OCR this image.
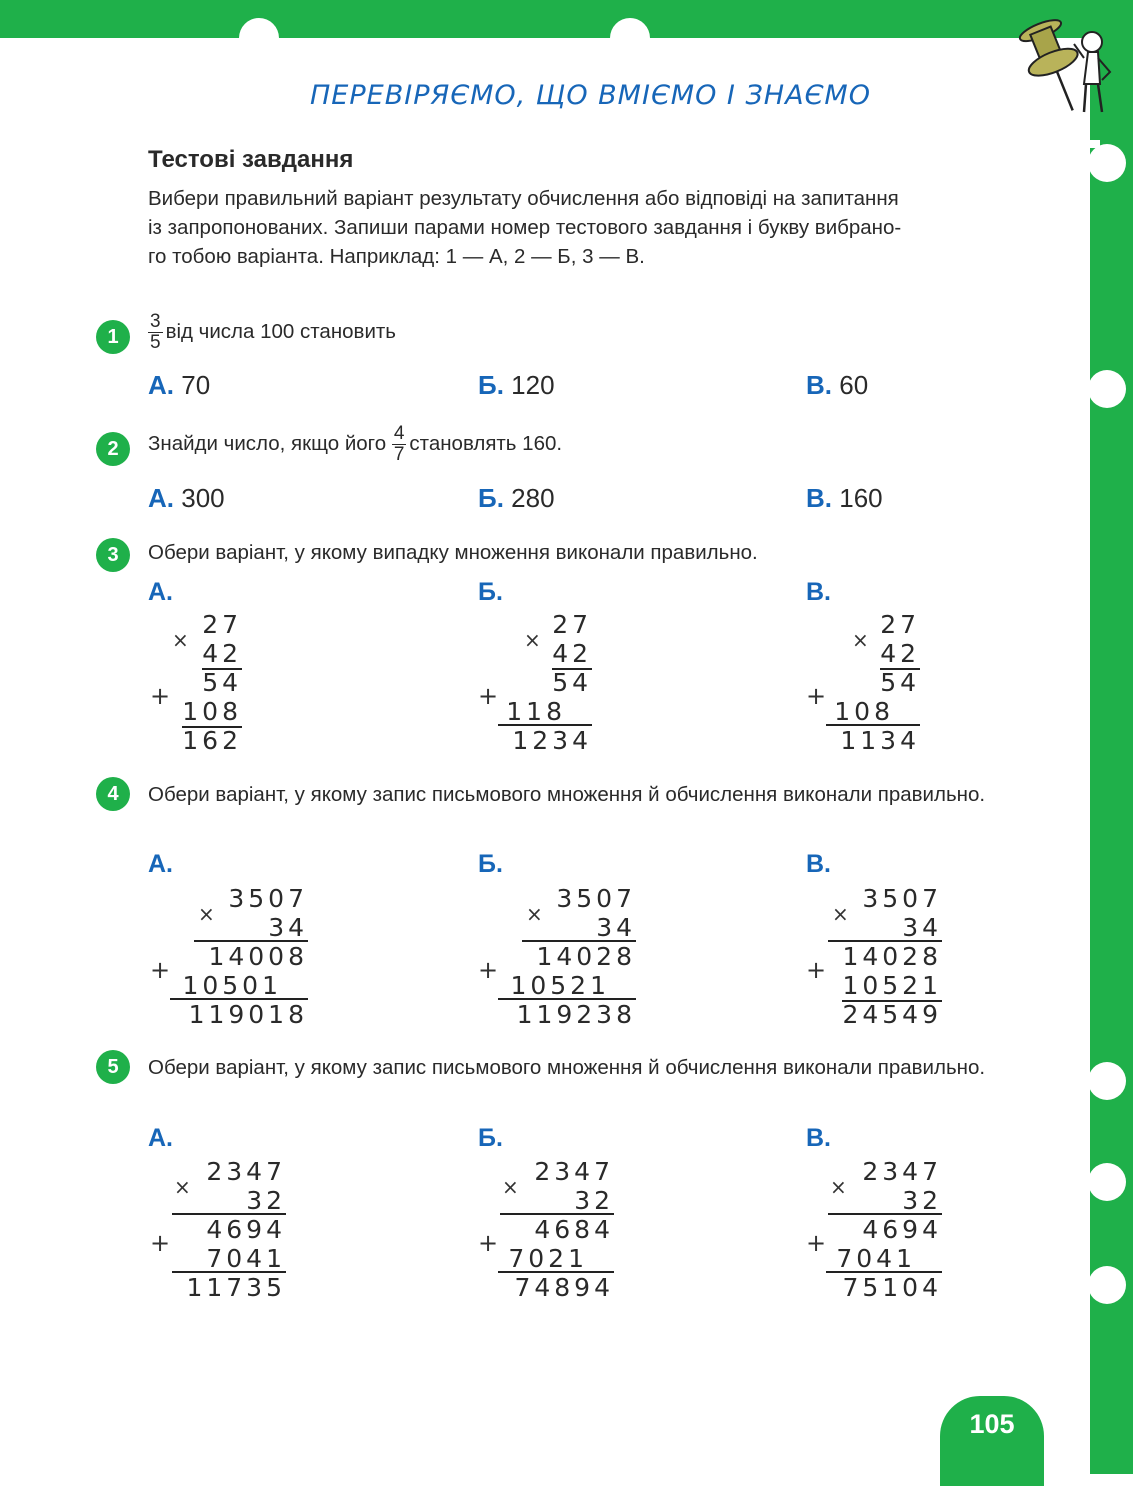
ПЕРЕВІРЯЄМО, ЩО ВМІЄМО І ЗНАЄМО
Тестові завдання
Вибери правильний варіант результату обчислення або відповіді на запитання
із запропонованих. Запиши парами номер тестового завдання і букву вибрано-
го тобою варіанта. Наприклад: 1 — А, 2 — Б, 3 — В.
1	$\frac{3}{5}$ від числа 100 становить
А. 70	Б. 120	В. 60
2	Знайди число, якщо його $\frac{4}{7}$ становлять 160.
А. 300	Б. 280	В. 160
3	Обери варіант, у якому випадку множення виконали правильно.
А.
×
+
27
42
54
108
162
Б.
×
+
27
42
54
118
1234
В.
×
+
27
42
54
108
1134
4	Обери варіант, у якому запис письмового множення й обчислення виконали правильно.
А.
×
+
3507
34
14008
10501
119018
Б.
×
+
3507
34
14028
10521
119238
В.
×
+
3507
34
14028
10521
24549
5	Обери варіант, у якому запис письмового множення й обчислення виконали правильно.
А.
×
+
2347
32
4694
7041
11735
Б.
×
+
2347
32
4684
7021
74894
В.
×
+
2347
32
4694
7041
75104
105
